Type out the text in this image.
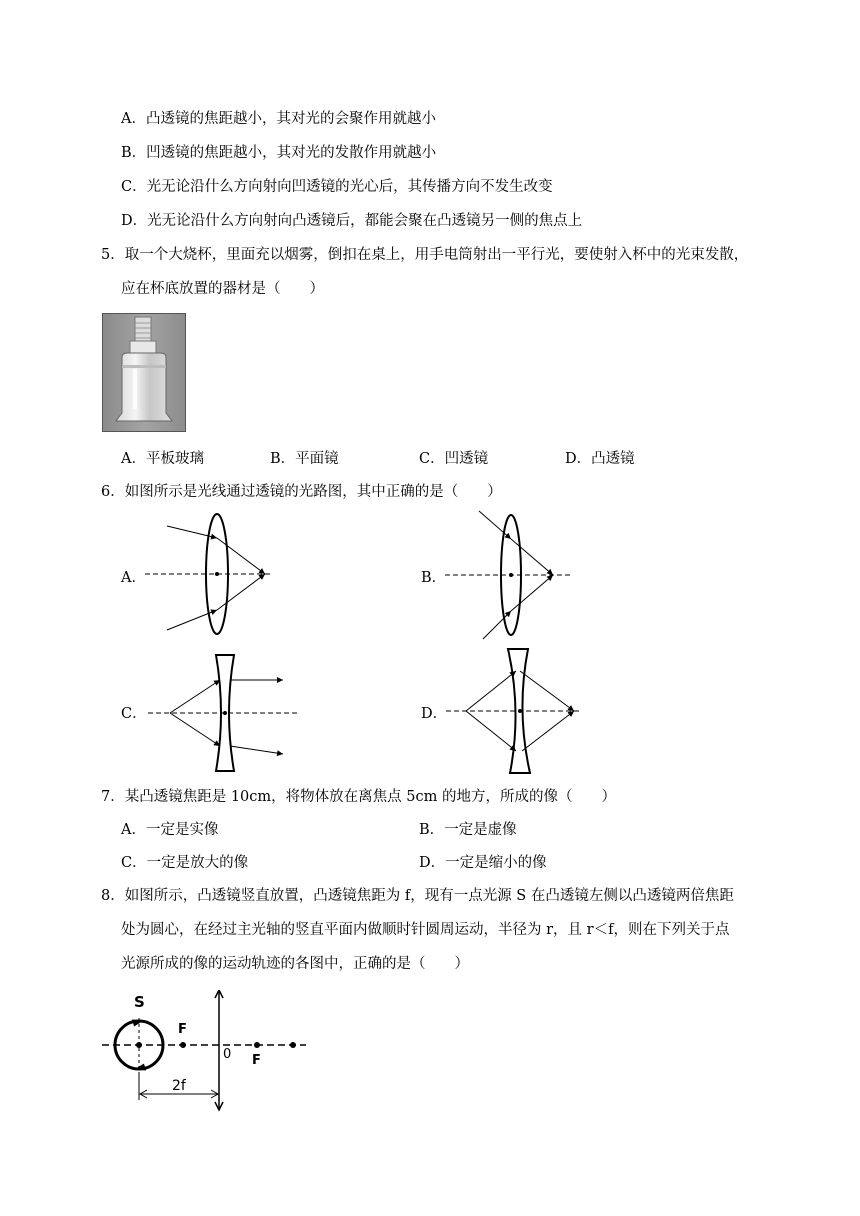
A．凸透镜的焦距越小，其对光的会聚作用就越小
B．凹透镜的焦距越小，其对光的发散作用就越小
C．光无论沿什么方向射向凹透镜的光心后，其传播方向不发生改变
D．光无论沿什么方向射向凸透镜后，都能会聚在凸透镜另一侧的焦点上
5．取一个大烧杯，里面充以烟雾，倒扣在桌上，用手电筒射出一平行光，要使射入杯中的光束发散，
应在杯底放置的器材是（　　）
A．平板玻璃	B．平面镜	C．凹透镜	D．凸透镜
6．如图所示是光线通过透镜的光路图，其中正确的是（　　）
A．	B．
C．	D．
7．某凸透镜焦距是 10cm，将物体放在离焦点 5cm 的地方，所成的像（　　）
A．一定是实像	B．一定是虚像
C．一定是放大的像	D．一定是缩小的像
8．如图所示，凸透镜竖直放置，凸透镜焦距为 f，现有一点光源 S 在凸透镜左侧以凸透镜两倍焦距
处为圆心，在经过主光轴的竖直平面内做顺时针圆周运动，半径为 r，且 r＜f，则在下列关于点
光源所成的像的运动轨迹的各图中，正确的是（　　）
S
F
0 F
2f
